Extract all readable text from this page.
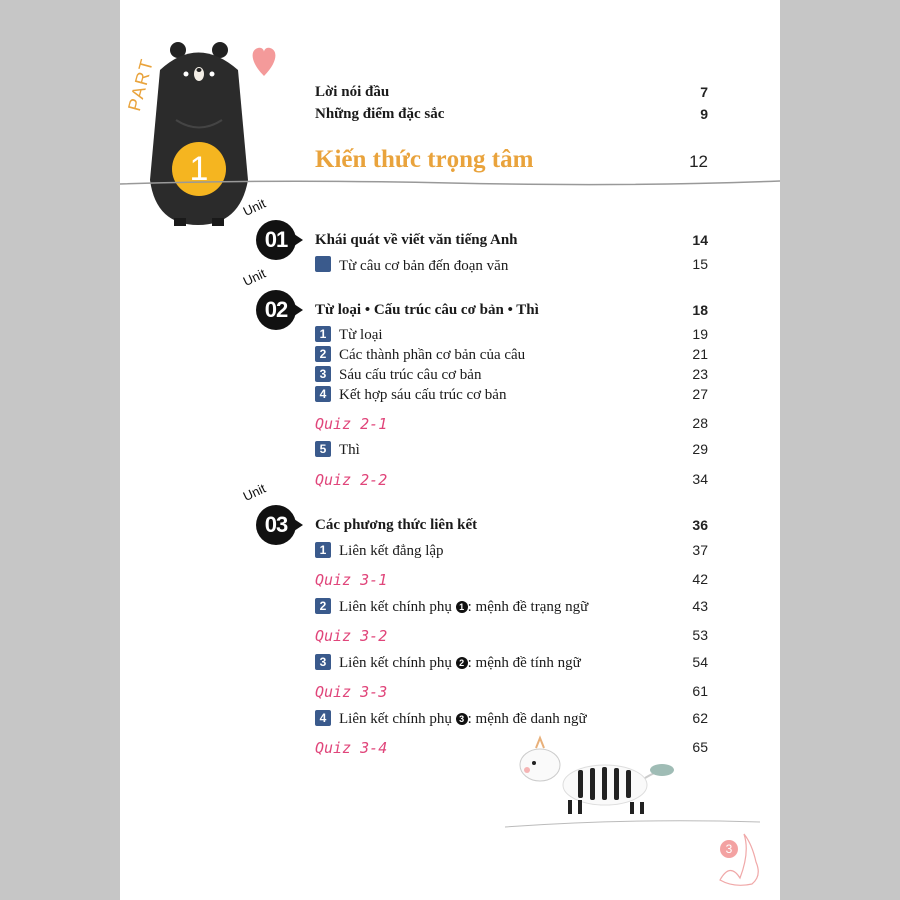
PART
1
Lời nói đầu	7
Những điểm đặc sắc	9
Kiến thức trọng tâm	12
Unit
01	Khái quát về viết văn tiếng Anh	14
Từ câu cơ bản đến đoạn văn	15
Unit
02	Từ loại • Cấu trúc câu cơ bản • Thì	18
1 Từ loại	19
2 Các thành phần cơ bản của câu	21
3 Sáu cấu trúc câu cơ bản	23
4 Kết hợp sáu cấu trúc cơ bản	27
Quiz 2-1	28
5 Thì	29
Quiz 2-2	34
Unit
03	Các phương thức liên kết	36
1 Liên kết đẳng lập	37
Quiz 3-1	42
2 Liên kết chính phụ 1 : mệnh đề trạng ngữ	43
Quiz 3-2	53
3 Liên kết chính phụ 2 : mệnh đề tính ngữ	54
Quiz 3-3	61
4 Liên kết chính phụ 3 : mệnh đề danh ngữ	62
Quiz 3-4	65
3
